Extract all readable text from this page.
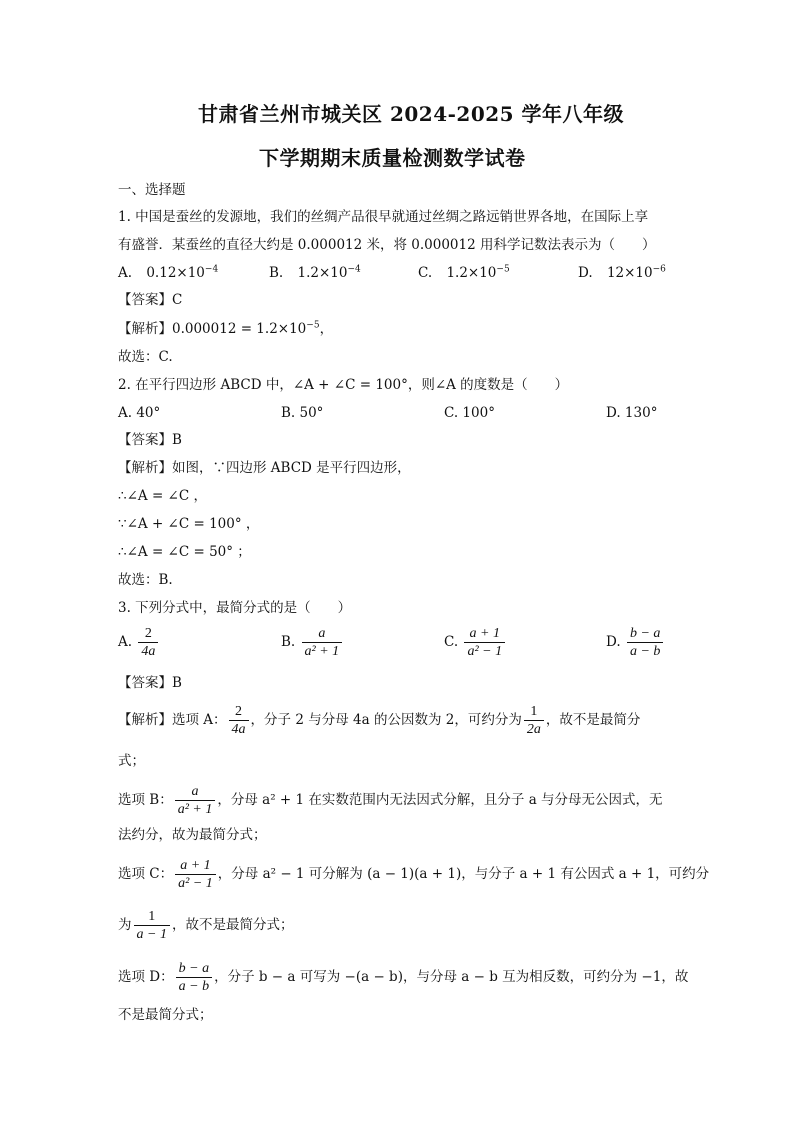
甘肃省兰州市城关区 2024-2025 学年八年级
下学期期末质量检测数学试卷
一、选择题
1. 中国是蚕丝的发源地，我们的丝绸产品很早就通过丝绸之路远销世界各地，在国际上享
有盛誉．某蚕丝的直径大约是 0.000012 米，将 0.000012 用科学记数法表示为（　　）
A. $0.12\times 10^{-4}$	B. $1.2\times 10^{-4}$	C. $1.2\times 10^{-5}$	D. $12\times 10^{-6}$
【答案】C
【解析】$0.000012 = 1.2\times 10^{-5}$，
故选：C.
2. 在平行四边形 ABCD 中，∠A + ∠C = 100°，则∠A 的度数是（　　）
A. 40°	B. 50°	C. 100°	D. 130°
【答案】B
【解析】如图，∵四边形 ABCD 是平行四边形，
∴∠A = ∠C ，
∵∠A + ∠C = 100° ，
∴∠A = ∠C = 50° ；
故选：B.
3. 下列分式中，最简分式的是（　　）
A. $\frac{2}{4a}$	B. $\frac{a}{\text{a² + 1}}$	C. $\frac{a + 1}{\text{a² − 1}}$	D. $\frac{b - a}{a - b}$
【答案】B
【解析】选项 A： $\frac{2}{4a}$ ，分子 2 与分母 4a 的公因数为 2，可约分为 $\frac{1}{2a}$ ，故不是最简分
式；
选项 B： $\frac{a}{\text{a² + 1}}$ ，分母 a² + 1 在实数范围内无法因式分解，且分子 a 与分母无公因式，无
法约分，故为最简分式；
选项 C： $\frac{a + 1}{\text{a² − 1}}$ ，分母 a² − 1 可分解为 (a − 1)(a + 1)，与分子 a + 1 有公因式 a + 1，可约分
为 $\frac{1}{a - 1}$ ，故不是最简分式；
选项 D： $\frac{b - a}{a - b}$ ，分子 b − a 可写为 −(a − b)，与分母 a − b 互为相反数，可约分为 −1，故
不是最简分式；
